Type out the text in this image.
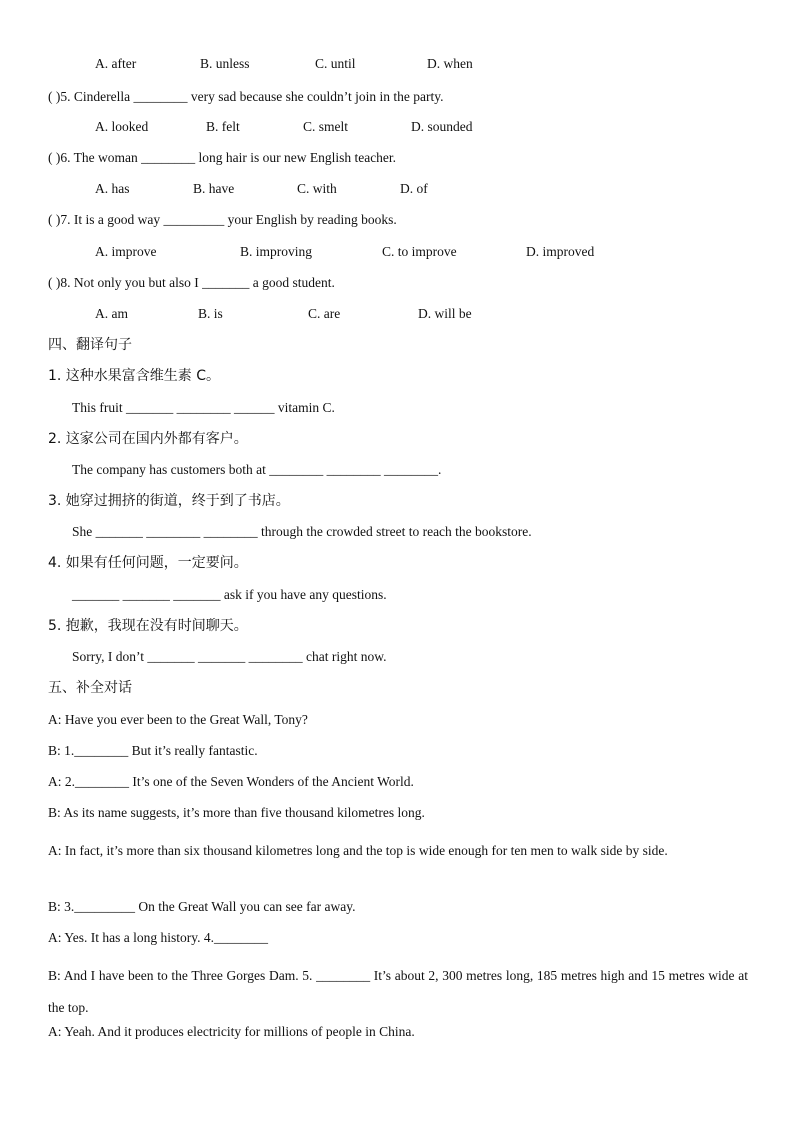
A. after	B. unless	C. until	D. when
( )5. Cinderella ________ very sad because she couldn’t join in the party.
A. looked	B. felt	C. smelt	D. sounded
( )6. The woman ________ long hair is our new English teacher.
A. has	B. have	C. with	D. of
( )7. It is a good way _________ your English by reading books.
A. improve	B. improving	C. to improve	D. improved
( )8. Not only you but also I _______ a good student.
A. am	B. is	C. are	D. will be
四、翻译句子
1. 这种水果富含维生素 C。
This fruit _______ ________ ______ vitamin C.
2. 这家公司在国内外都有客户。
The company has customers both at ________ ________ ________.
3. 她穿过拥挤的街道，终于到了书店。
She _______ ________ ________ through the crowded street to reach the bookstore.
4. 如果有任何问题，一定要问。
_______ _______ _______ ask if you have any questions.
5. 抱歉，我现在没有时间聊天。
Sorry, I don’t _______ _______ ________ chat right now.
五、补全对话
A: Have you ever been to the Great Wall, Tony?
B: 1.________ But it’s really fantastic.
A: 2.________ It’s one of the Seven Wonders of the Ancient World.
B: As its name suggests, it’s more than five thousand kilometres long.
A: In fact, it’s more than six thousand kilometres long and the top is wide enough for ten men to walk side by side.
B: 3._________ On the Great Wall you can see far away.
A: Yes. It has a long history. 4.________
B: And I have been to the Three Gorges Dam. 5. ________ It’s about 2, 300 metres long, 185 metres high and 15 metres wide at the top.
A: Yeah. And it produces electricity for millions of people in China.
